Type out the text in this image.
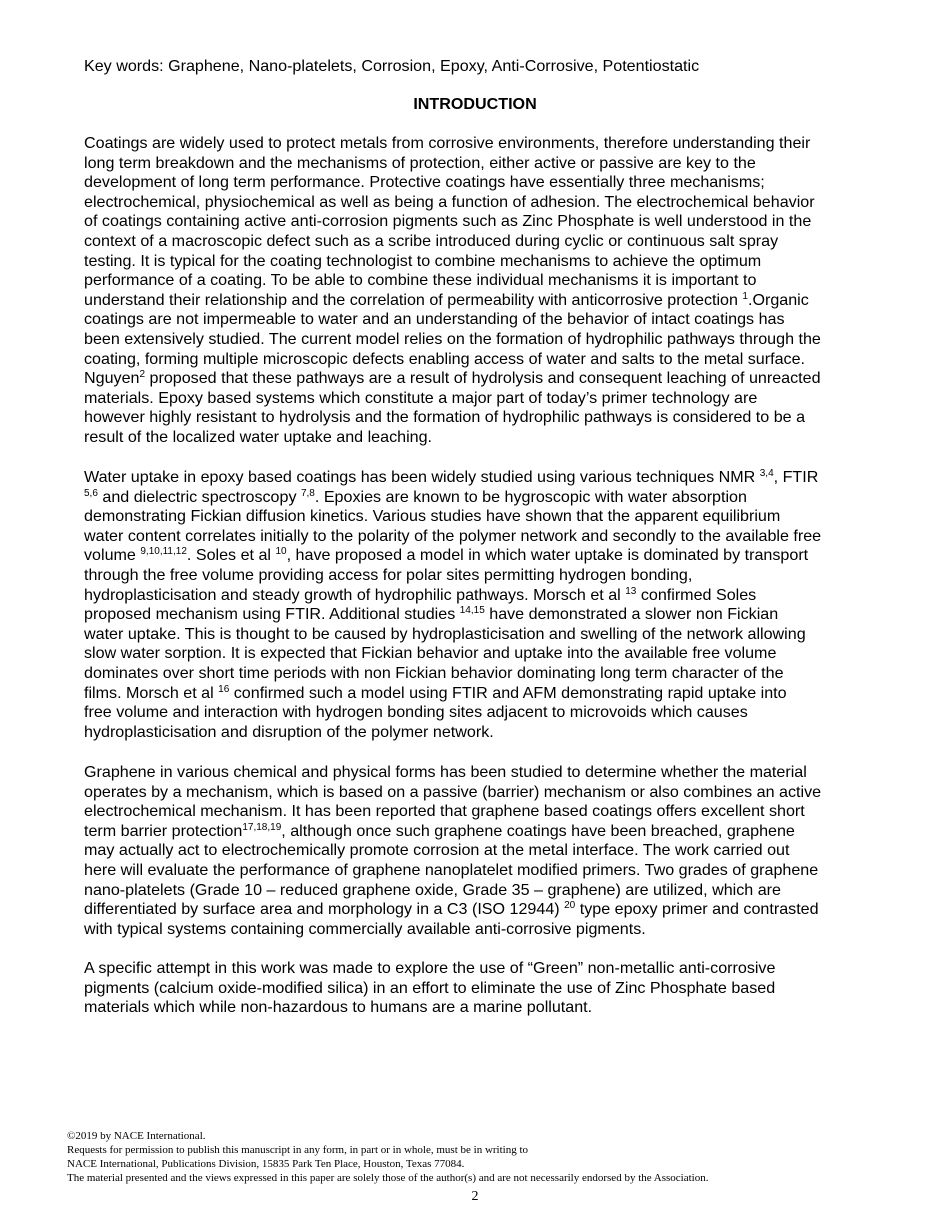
Key words: Graphene, Nano-platelets, Corrosion, Epoxy, Anti-Corrosive, Potentiostatic
INTRODUCTION
Coatings are widely used to protect metals from corrosive environments, therefore understanding their
long term breakdown and the mechanisms of protection, either active or passive are key to the
development of long term performance. Protective coatings have essentially three mechanisms;
electrochemical, physiochemical as well as being a function of adhesion. The electrochemical behavior
of coatings containing active anti-corrosion pigments such as Zinc Phosphate is well understood in the
context of a macroscopic defect such as a scribe introduced during cyclic or continuous salt spray
testing. It is typical for the coating technologist to combine mechanisms to achieve the optimum
performance of a coating. To be able to combine these individual mechanisms it is important to
understand their relationship and the correlation of permeability with anticorrosive protection $^1$.Organic
coatings are not impermeable to water and an understanding of the behavior of intact coatings has
been extensively studied. The current model relies on the formation of hydrophilic pathways through the
coating, forming multiple microscopic defects enabling access of water and salts to the metal surface.
Nguyen$^2$ proposed that these pathways are a result of hydrolysis and consequent leaching of unreacted
materials. Epoxy based systems which constitute a major part of today’s primer technology are
however highly resistant to hydrolysis and the formation of hydrophilic pathways is considered to be a
result of the localized water uptake and leaching.
Water uptake in epoxy based coatings has been widely studied using various techniques NMR $^{3,4}$, FTIR
$^{5,6}$ and dielectric spectroscopy $^{7,8}$. Epoxies are known to be hygroscopic with water absorption
demonstrating Fickian diffusion kinetics. Various studies have shown that the apparent equilibrium
water content correlates initially to the polarity of the polymer network and secondly to the available free
volume $^{9,10,11,12}$. Soles et al $^{10}$, have proposed a model in which water uptake is dominated by transport
through the free volume providing access for polar sites permitting hydrogen bonding,
hydroplasticisation and steady growth of hydrophilic pathways. Morsch et al $^{13}$ confirmed Soles
proposed mechanism using FTIR. Additional studies $^{14,15}$ have demonstrated a slower non Fickian
water uptake. This is thought to be caused by hydroplasticisation and swelling of the network allowing
slow water sorption. It is expected that Fickian behavior and uptake into the available free volume
dominates over short time periods with non Fickian behavior dominating long term character of the
films. Morsch et al $^{16}$ confirmed such a model using FTIR and AFM demonstrating rapid uptake into
free volume and interaction with hydrogen bonding sites adjacent to microvoids which causes
hydroplasticisation and disruption of the polymer network.
Graphene in various chemical and physical forms has been studied to determine whether the material
operates by a mechanism, which is based on a passive (barrier) mechanism or also combines an active
electrochemical mechanism. It has been reported that graphene based coatings offers excellent short
term barrier protection$^{17,18,19}$, although once such graphene coatings have been breached, graphene
may actually act to electrochemically promote corrosion at the metal interface. The work carried out
here will evaluate the performance of graphene nanoplatelet modified primers. Two grades of graphene
nano-platelets (Grade 10 – reduced graphene oxide, Grade 35 – graphene) are utilized, which are
differentiated by surface area and morphology in a C3 (ISO 12944) $^{20}$ type epoxy primer and contrasted
with typical systems containing commercially available anti-corrosive pigments.
A specific attempt in this work was made to explore the use of “Green” non-metallic anti-corrosive
pigments (calcium oxide-modified silica) in an effort to eliminate the use of Zinc Phosphate based
materials which while non-hazardous to humans are a marine pollutant.
©2019 by NACE International.
Requests for permission to publish this manuscript in any form, in part or in whole, must be in writing to
NACE International, Publications Division, 15835 Park Ten Place, Houston, Texas 77084.
The material presented and the views expressed in this paper are solely those of the author(s) and are not necessarily endorsed by the Association.
2
